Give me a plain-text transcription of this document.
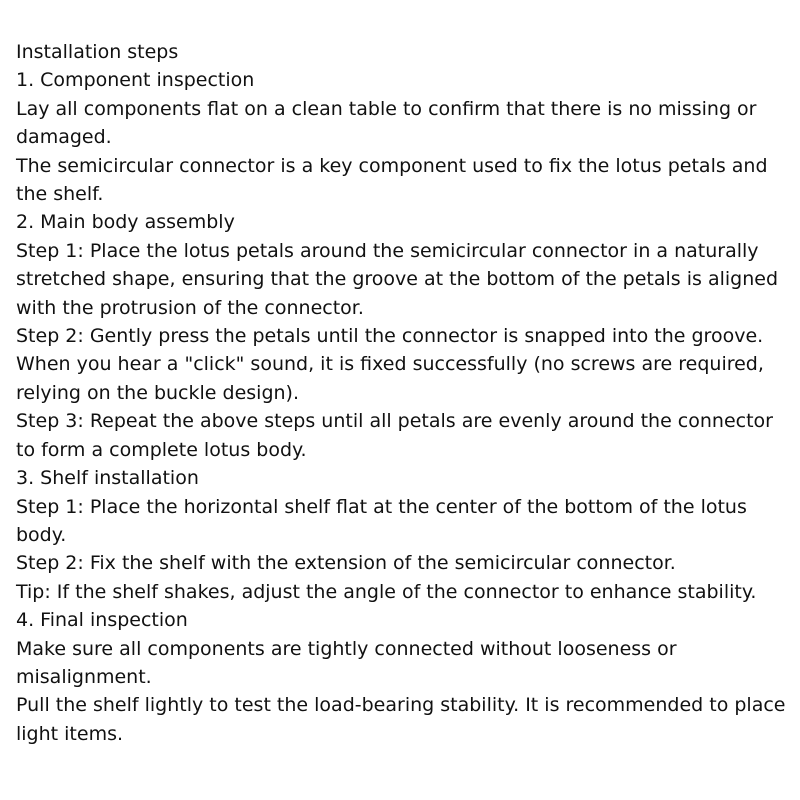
Installation steps

1. Component inspection

Lay all components flat on a clean table to confirm that there is no missing or damaged.

The semicircular connector is a key component used to fix the lotus petals and the shelf.

2. Main body assembly

Step 1: Place the lotus petals around the semicircular connector in a naturally stretched shape, ensuring that the groove at the bottom of the petals is aligned with the protrusion of the connector.

Step 2: Gently press the petals until the connector is snapped into the groove. When you hear a "click" sound, it is fixed successfully (no screws are required, relying on the buckle design).

Step 3: Repeat the above steps until all petals are evenly around the connector to form a complete lotus body.

3. Shelf installation

Step 1: Place the horizontal shelf flat at the center of the bottom of the lotus body.

Step 2: Fix the shelf with the extension of the semicircular connector.

Tip: If the shelf shakes, adjust the angle of the connector to enhance stability.

4. Final inspection

Make sure all components are tightly connected without looseness or misalignment.

Pull the shelf lightly to test the load-bearing stability. It is recommended to place light items.
